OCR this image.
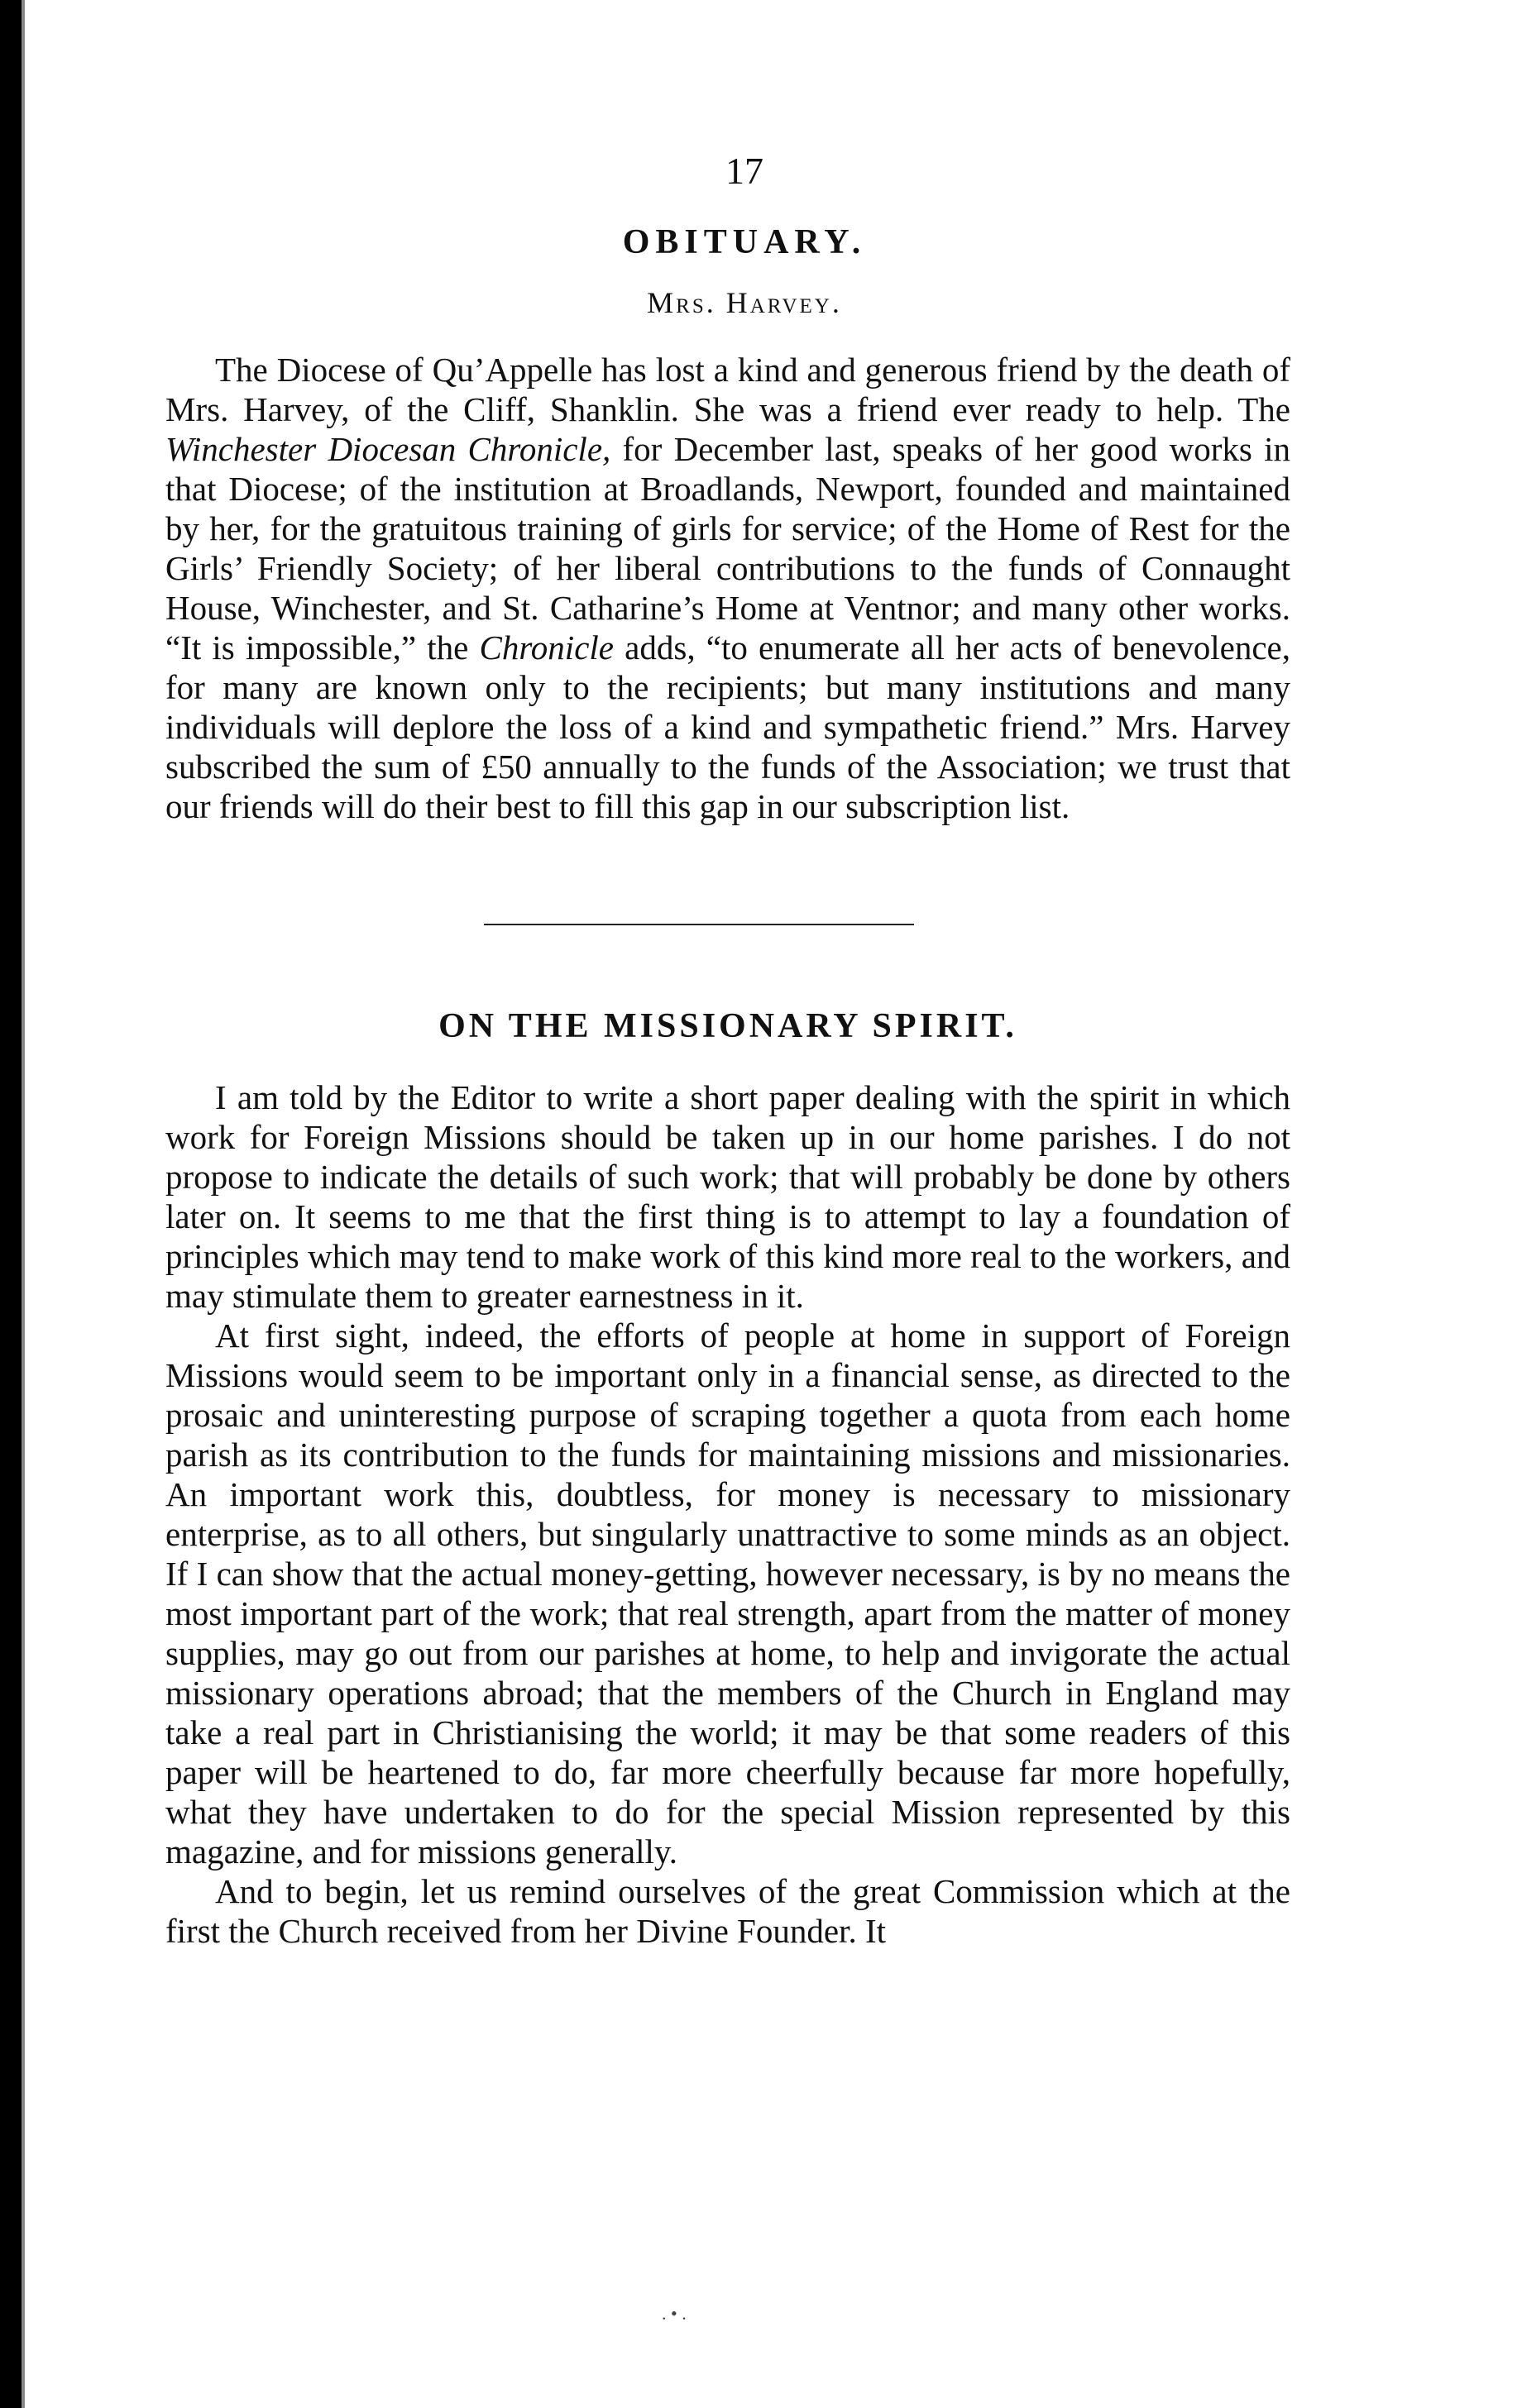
17
OBITUARY.
Mrs. Harvey.

The Diocese of Qu’Appelle has lost a kind and generous friend by the death of Mrs. Harvey, of the Cliff, Shanklin. She was a friend ever ready to help. The Winchester Diocesan Chronicle, for December last, speaks of her good works in that Diocese; of the institution at Broadlands, Newport, founded and maintained by her, for the gratuitous training of girls for service; of the Home of Rest for the Girls’ Friendly Society; of her liberal contributions to the funds of Connaught House, Winchester, and St. Catharine’s Home at Ventnor; and many other works. “It is impossible,” the Chronicle adds, “to enumerate all her acts of benevolence, for many are known only to the recipients; but many institutions and many individuals will deplore the loss of a kind and sympathetic friend.” Mrs. Harvey subscribed the sum of £50 annually to the funds of the Association; we trust that our friends will do their best to fill this gap in our subscription list.

ON THE MISSIONARY SPIRIT.

I am told by the Editor to write a short paper dealing with the spirit in which work for Foreign Missions should be taken up in our home parishes. I do not propose to indicate the details of such work; that will probably be done by others later on. It seems to me that the first thing is to attempt to lay a foundation of principles which may tend to make work of this kind more real to the workers, and may stimulate them to greater earnestness in it.

At first sight, indeed, the efforts of people at home in support of Foreign Missions would seem to be important only in a financial sense, as directed to the prosaic and uninteresting purpose of scraping together a quota from each home parish as its contribution to the funds for maintaining missions and missionaries. An important work this, doubtless, for money is necessary to missionary enterprise, as to all others, but singularly unattractive to some minds as an object. If I can show that the actual money-getting, however necessary, is by no means the most important part of the work; that real strength, apart from the matter of money supplies, may go out from our parishes at home, to help and invigorate the actual missionary operations abroad; that the members of the Church in England may take a real part in Christianising the world; it may be that some readers of this paper will be heartened to do, far more cheerfully because far more hopefully, what they have undertaken to do for the special Mission represented by this magazine, and for missions generally.

And to begin, let us remind ourselves of the great Commission which at the first the Church received from her Divine Founder. It

. • .
